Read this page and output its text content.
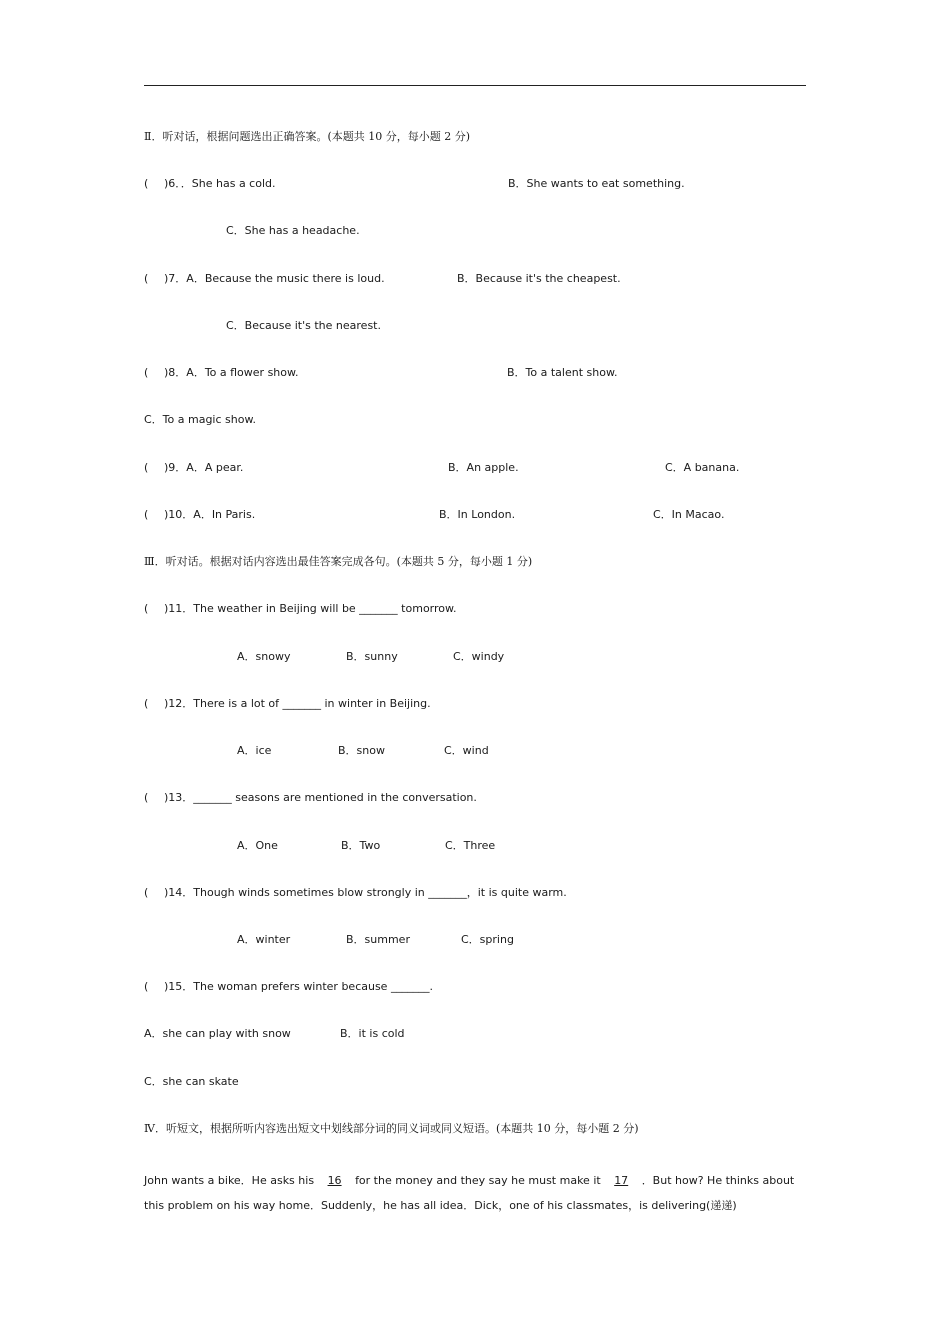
Ⅱ．听对话，根据问题选出正确答案。(本题共 10 分，每小题 2 分)
( )6．．She has a cold.	B．She wants to eat something.
C．She has a headache.
( )7．A．Because the music there is loud.	B．Because it's the cheapest.
C．Because it's the nearest.
( )8．A．To a flower show.	B．To a talent show.
C．To a magic show.
( )9．A．A pear.	B．An apple.	C．A banana.
( )10．A．In Paris.	B．In London.	C．In Macao.
Ⅲ．听对话。根据对话内容选出最佳答案完成各句。(本题共 5 分，每小题 1 分)
( )11．The weather in Beijing will be _______ tomorrow.
A．snowy	B．sunny	C．windy
( )12．There is a lot of _______ in winter in Beijing.
A．ice	B．snow	C．wind
( )13．_______ seasons are mentioned in the conversation.
A．One	B．Two	C．Three
( )14．Though winds sometimes blow strongly in _______，it is quite warm.
A．winter	B．summer	C．spring
( )15．The woman prefers winter because _______.
A．she can play with snow	B．it is cold
C．she can skate
Ⅳ．听短文，根据所听内容选出短文中划线部分词的同义词或同义短语。(本题共 10 分，每小题 2 分)
John wants a bike．He asks his 16 for the money and they say he must make it 17 ．But how? He thinks about this problem on his way home．Suddenly，he has all idea．Dick，one of his classmates，is delivering(递递)
